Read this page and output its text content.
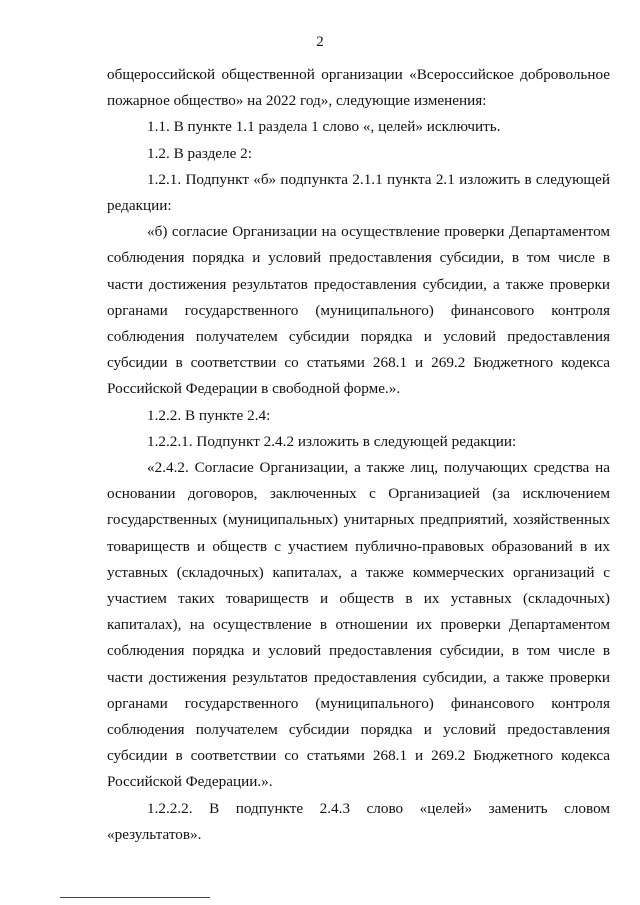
2

общероссийской общественной организации «Всероссийское добровольное пожарное общество» на 2022 год», следующие изменения:

1.1. В пункте 1.1 раздела 1 слово «, целей» исключить.

1.2. В разделе 2:

1.2.1. Подпункт «б» подпункта 2.1.1 пункта 2.1 изложить в следующей редакции:

«б) согласие Организации на осуществление проверки Департаментом соблюдения порядка и условий предоставления субсидии, в том числе в части достижения результатов предоставления субсидии, а также проверки органами государственного (муниципального) финансового контроля соблюдения получателем субсидии порядка и условий предоставления субсидии в соответствии со статьями 268.1 и 269.2 Бюджетного кодекса Российской Федерации в свободной форме.».

1.2.2. В пункте 2.4:

1.2.2.1. Подпункт 2.4.2 изложить в следующей редакции:

«2.4.2. Согласие Организации, а также лиц, получающих средства на основании договоров, заключенных с Организацией (за исключением государственных (муниципальных) унитарных предприятий, хозяйственных товариществ и обществ с участием публично-правовых образований в их уставных (складочных) капиталах, а также коммерческих организаций с участием таких товариществ и обществ в их уставных (складочных) капиталах), на осуществление в отношении их проверки Департаментом соблюдения порядка и условий предоставления субсидии, в том числе в части достижения результатов предоставления субсидии, а также проверки органами государственного (муниципального) финансового контроля соблюдения получателем субсидии порядка и условий предоставления субсидии в соответствии со статьями 268.1 и 269.2 Бюджетного кодекса Российской Федерации.».

1.2.2.2. В подпункте 2.4.3 слово «целей» заменить словом «результатов».
